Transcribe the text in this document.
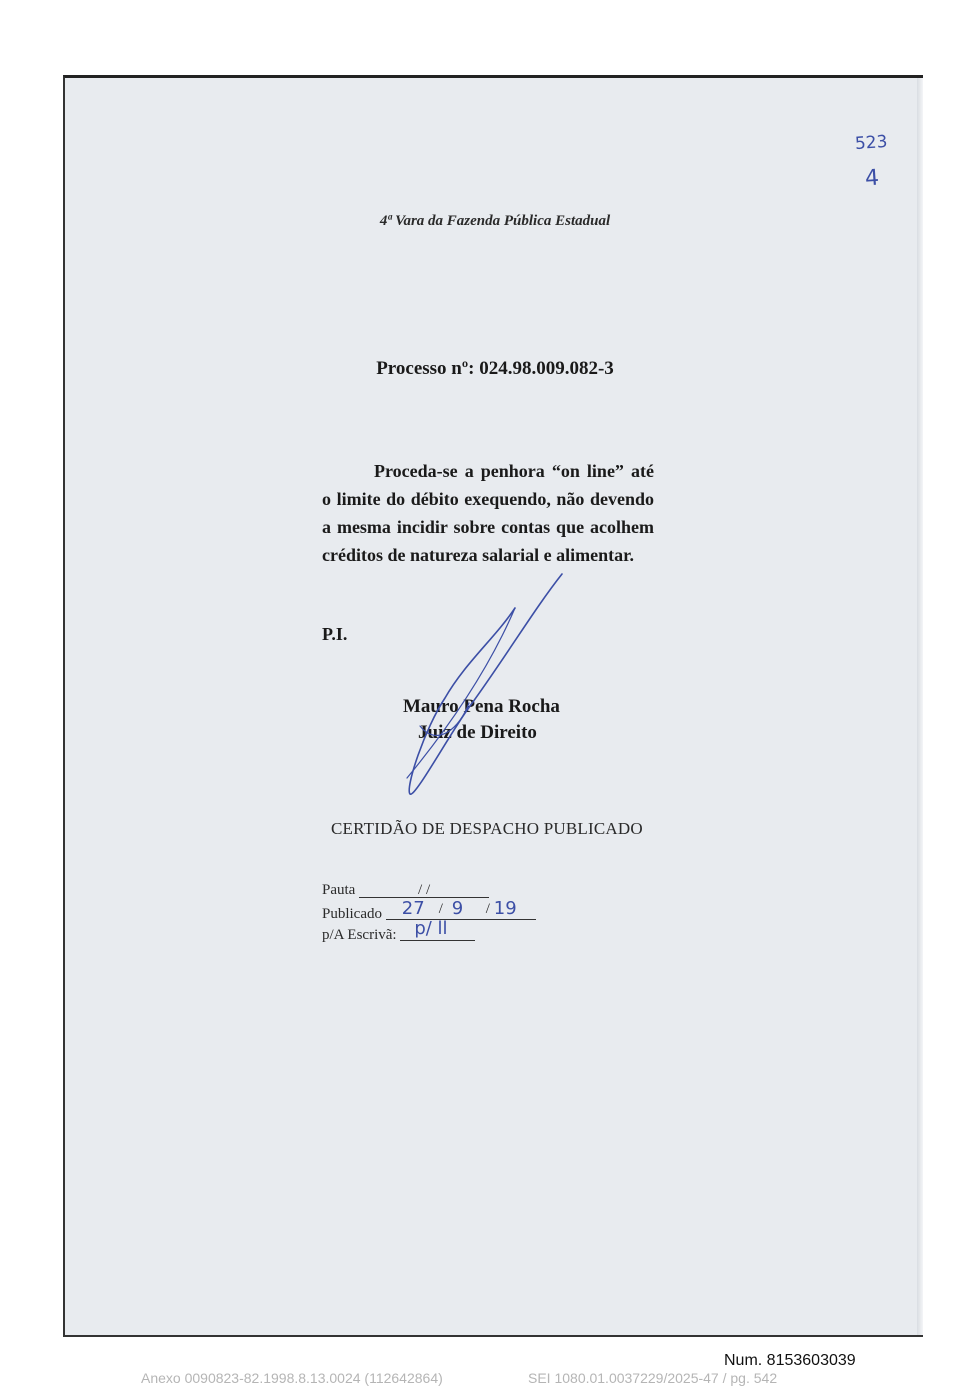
523
4
4ª Vara da Fazenda Pública Estadual
Processo nº: 024.98.009.082-3
Proceda-se a penhora “on line” até o limite do débito exequendo, não devendo a mesma incidir sobre contas que acolhem créditos de natureza salarial e alimentar.
P.I.
Mauro Pena Rocha
Juiz de Direito
CERTIDÃO DE DESPACHO PUBLICADO
Pauta	/ /
Publicado 27 / 9 / 19
p/A Escrivã: p/ ll
Num. 8153603039
Anexo 0090823-82.1998.8.13.0024 (112642864)	SEI 1080.01.0037229/2025-47 / pg. 542
